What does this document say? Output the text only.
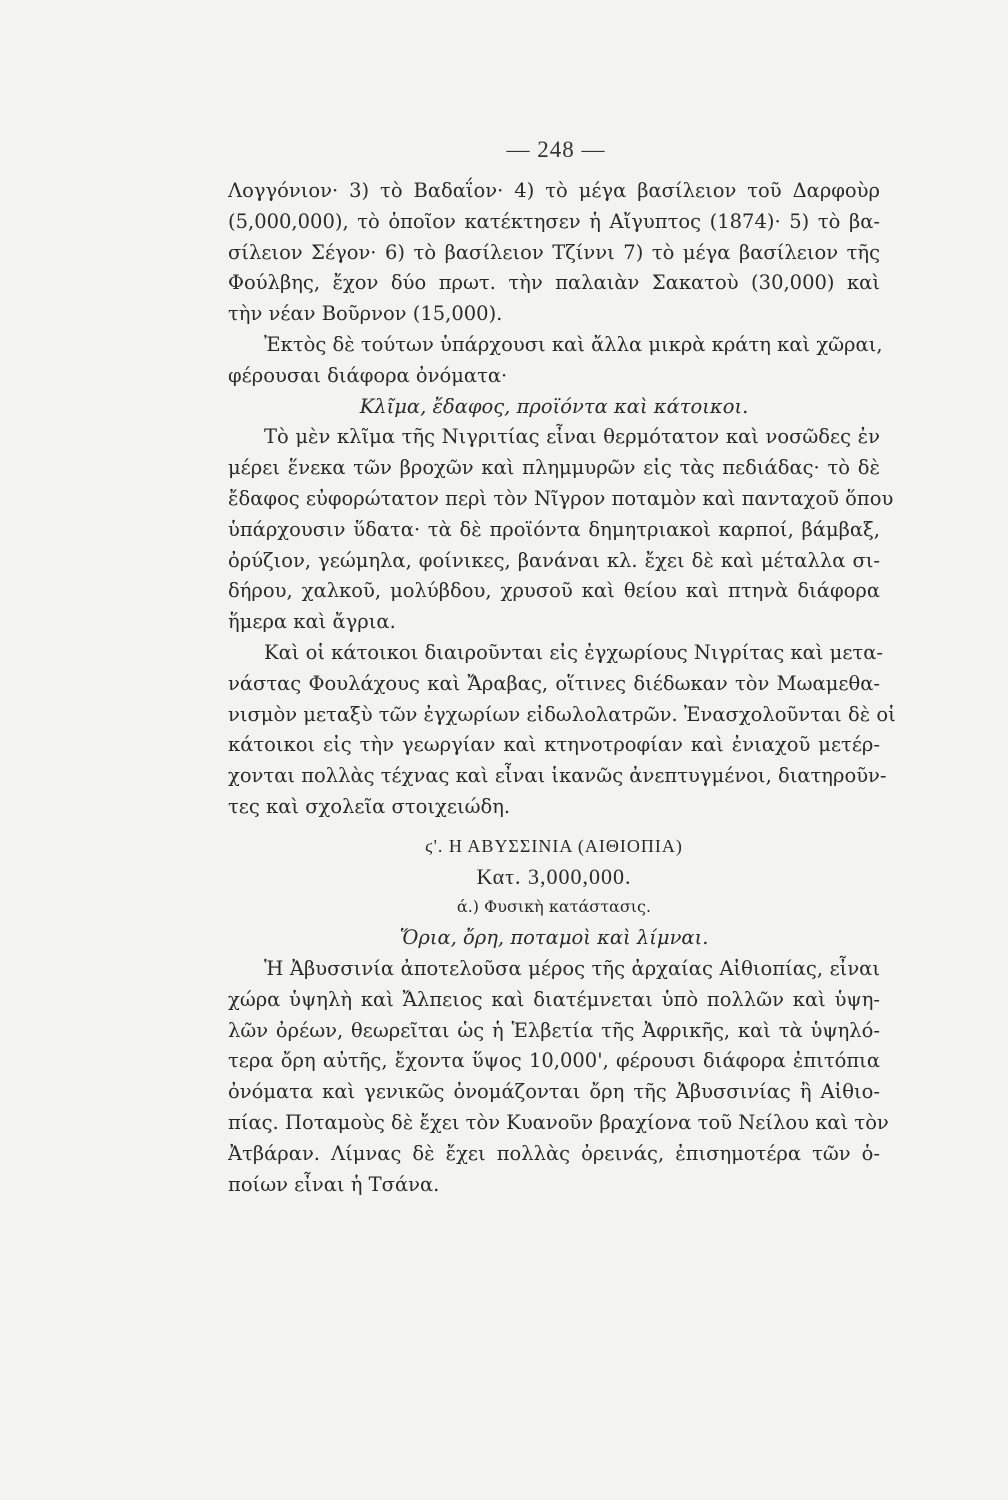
— 248 —
Λογγόνιον· 3) τὸ Βαδαΐον· 4) τὸ μέγα βασίλειον τοῦ Δαρφοὺρ
(5,000,000), τὸ ὁποῖον κατέκτησεν ἡ Αἴγυπτος (1874)· 5) τὸ βα-
σίλειον Σέγον· 6) τὸ βασίλειον Τζίννι 7) τὸ μέγα βασίλειον τῆς
Φούλβης, ἔχον δύο πρωτ. τὴν παλαιὰν Σακατοὺ (30,000) καὶ
τὴν νέαν Βοῦρνον (15,000).
Ἐκτὸς δὲ τούτων ὑπάρχουσι καὶ ἄλλα μικρὰ κράτη καὶ χῶραι,
φέρουσαι διάφορα ὀνόματα·
Κλῖμα, ἔδαφος, προϊόντα καὶ κάτοικοι.
Τὸ μὲν κλῖμα τῆς Νιγριτίας εἶναι θερμότατον καὶ νοσῶδες ἐν
μέρει ἕνεκα τῶν βροχῶν καὶ πλημμυρῶν εἰς τὰς πεδιάδας· τὸ δὲ
ἔδαφος εὐφορώτατον περὶ τὸν Νῖγρον ποταμὸν καὶ πανταχοῦ ὅπου
ὑπάρχουσιν ὕδατα· τὰ δὲ προϊόντα δημητριακοὶ καρποί, βάμβαξ,
ὀρύζιον, γεώμηλα, φοίνικες, βανάναι κλ. ἔχει δὲ καὶ μέταλλα σι-
δήρου, χαλκοῦ, μολύβδου, χρυσοῦ καὶ θείου καὶ πτηνὰ διάφορα
ἥμερα καὶ ἄγρια.
Καὶ οἱ κάτοικοι διαιροῦνται εἰς ἐγχωρίους Νιγρίτας καὶ μετα-
νάστας Φουλάχους καὶ Ἄραβας, οἵτινες διέδωκαν τὸν Μωαμεθα-
νισμὸν μεταξὺ τῶν ἐγχωρίων εἰδωλολατρῶν. Ἐνασχολοῦνται δὲ οἱ
κάτοικοι εἰς τὴν γεωργίαν καὶ κτηνοτροφίαν καὶ ἐνιαχοῦ μετέρ-
χονται πολλὰς τέχνας καὶ εἶναι ἱκανῶς ἀνεπτυγμένοι, διατηροῦν-
τες καὶ σχολεῖα στοιχειώδη.
ϛ'. Η ΑΒΥΣΣΙΝΙΑ (ΑΙΘΙΟΠΙΑ)
Κατ. 3,000,000.
ά.) Φυσικὴ κατάστασις.
Ὅρια, ὄρη, ποταμοὶ καὶ λίμναι.
Ἡ Ἀβυσσινία ἀποτελοῦσα μέρος τῆς ἀρχαίας Αἰθιοπίας, εἶναι
χώρα ὑψηλὴ καὶ Ἄλπειος καὶ διατέμνεται ὑπὸ πολλῶν καὶ ὑψη-
λῶν ὀρέων, θεωρεῖται ὡς ἡ Ἑλβετία τῆς Ἀφρικῆς, καὶ τὰ ὑψηλό-
τερα ὄρη αὐτῆς, ἔχοντα ὕψος 10,000', φέρουσι διάφορα ἐπιτόπια
ὀνόματα καὶ γενικῶς ὀνομάζονται ὄρη τῆς Ἀβυσσινίας ἢ Αἰθιο-
πίας. Ποταμοὺς δὲ ἔχει τὸν Κυανοῦν βραχίονα τοῦ Νείλου καὶ τὸν
Ἀτβάραν. Λίμνας δὲ ἔχει πολλὰς ὀρεινάς, ἐπισημοτέρα τῶν ὁ-
ποίων εἶναι ἡ Τσάνα.
